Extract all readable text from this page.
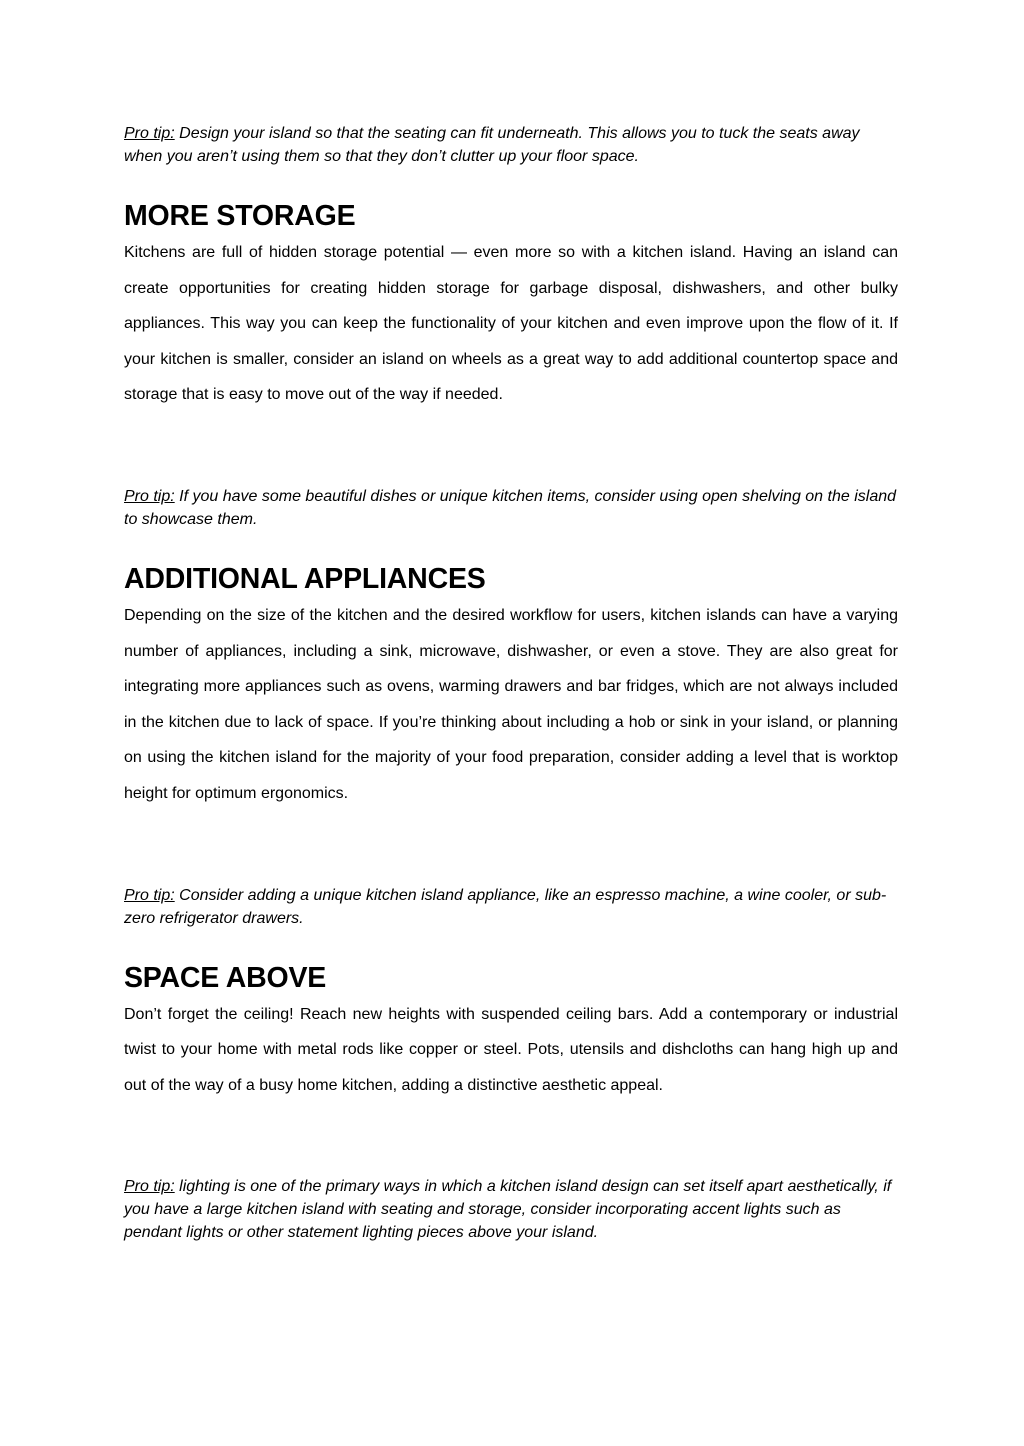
Pro tip: Design your island so that the seating can fit underneath. This allows you to tuck the seats away when you aren’t using them so that they don’t clutter up your floor space.

MORE STORAGE

Kitchens are full of hidden storage potential — even more so with a kitchen island. Having an island can create opportunities for creating hidden storage for garbage disposal, dishwashers, and other bulky appliances. This way you can keep the functionality of your kitchen and even improve upon the flow of it. If your kitchen is smaller, consider an island on wheels as a great way to add additional countertop space and storage that is easy to move out of the way if needed.

Pro tip: If you have some beautiful dishes or unique kitchen items, consider using open shelving on the island to showcase them.

ADDITIONAL APPLIANCES

Depending on the size of the kitchen and the desired workflow for users, kitchen islands can have a varying number of appliances, including a sink, microwave, dishwasher, or even a stove. They are also great for integrating more appliances such as ovens, warming drawers and bar fridges, which are not always included in the kitchen due to lack of space. If you’re thinking about including a hob or sink in your island, or planning on using the kitchen island for the majority of your food preparation, consider adding a level that is worktop height for optimum ergonomics.

Pro tip: Consider adding a unique kitchen island appliance, like an espresso machine, a wine cooler, or sub-zero refrigerator drawers.

SPACE ABOVE

Don’t forget the ceiling! Reach new heights with suspended ceiling bars. Add a contemporary or industrial twist to your home with metal rods like copper or steel. Pots, utensils and dishcloths can hang high up and out of the way of a busy home kitchen, adding a distinctive aesthetic appeal.

Pro tip: lighting is one of the primary ways in which a kitchen island design can set itself apart aesthetically, if you have a large kitchen island with seating and storage, consider incorporating accent lights such as pendant lights or other statement lighting pieces above your island.
